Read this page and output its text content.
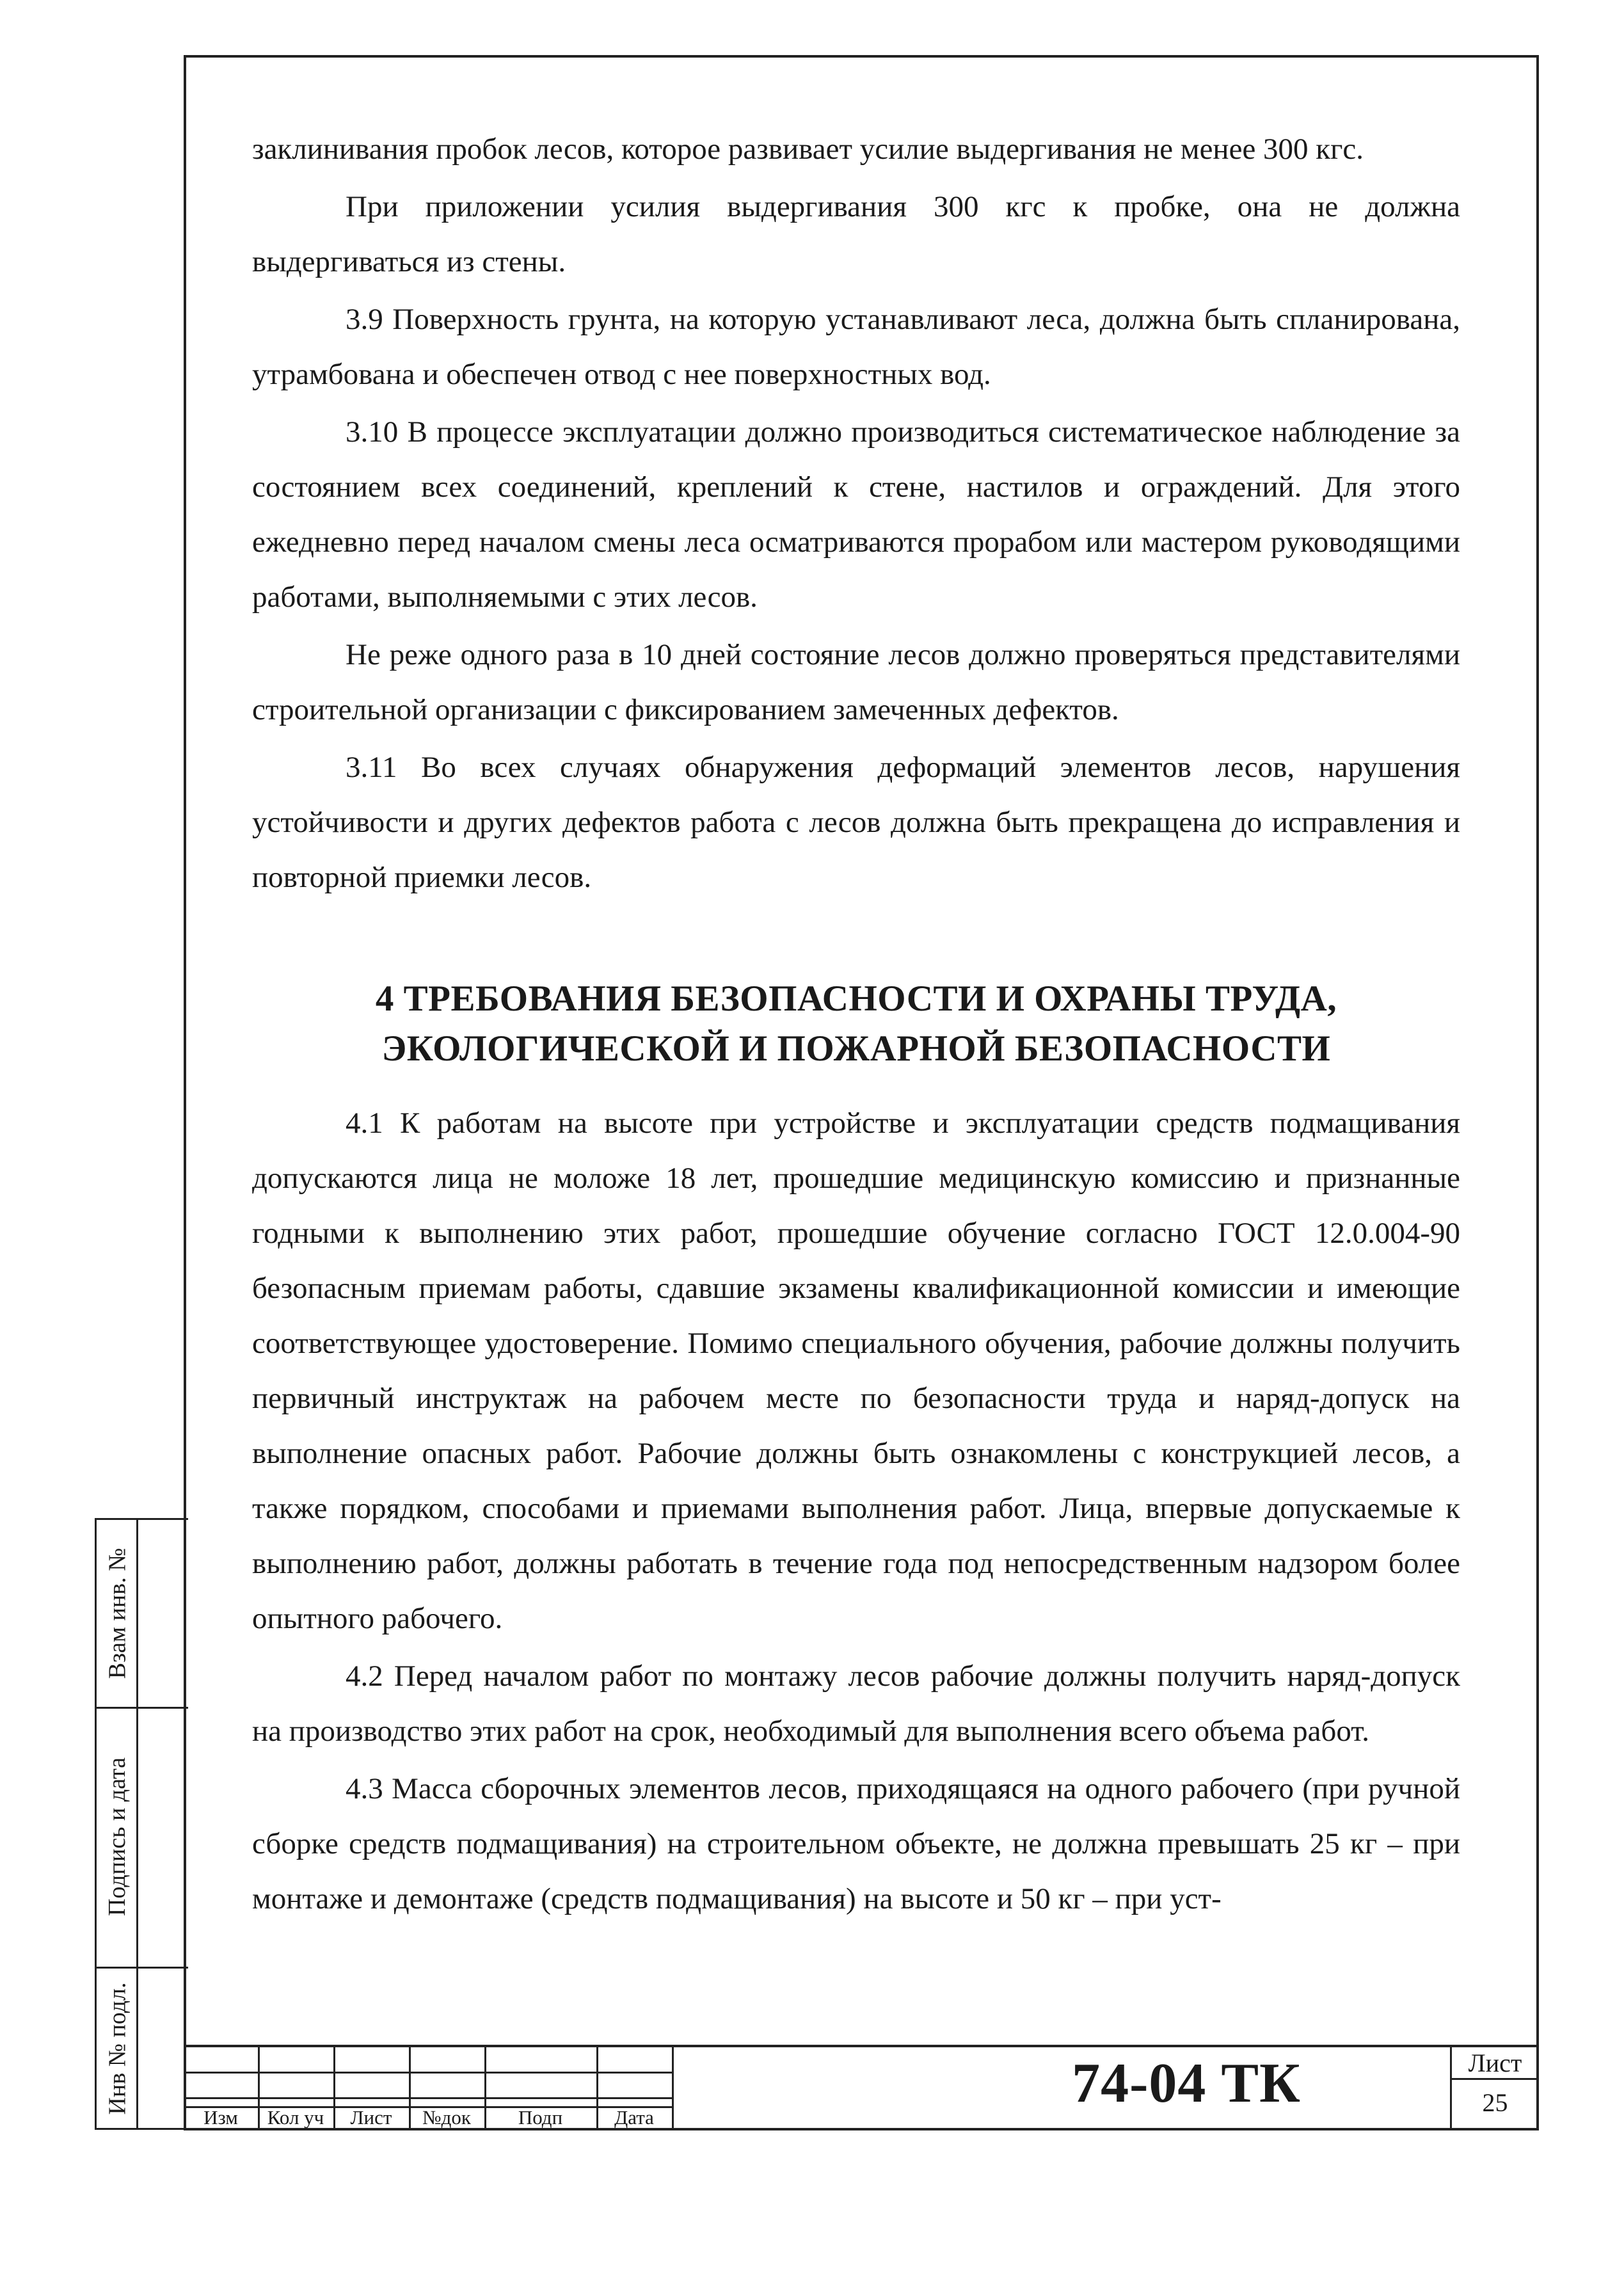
заклинивания пробок лесов, которое развивает усилие выдергивания не менее 300 кгс.

При приложении усилия выдергивания 300 кгс к пробке, она не должна выдергиваться из стены.

3.9 Поверхность грунта, на которую устанавливают леса, должна быть спланирована, утрамбована и обеспечен отвод с нее поверхностных вод.

3.10 В процессе эксплуатации должно производиться систематическое наблюдение за состоянием всех соединений, креплений к стене, настилов и ограждений. Для этого ежедневно перед началом смены леса осматриваются прорабом или мастером руководящими работами, выполняемыми с этих лесов.

Не реже одного раза в 10 дней состояние лесов должно проверяться представителями строительной организации с фиксированием замеченных дефектов.

3.11 Во всех случаях обнаружения деформаций элементов лесов, нарушения устойчивости и других дефектов работа с лесов должна быть прекращена до исправления и повторной приемки лесов.

4 ТРЕБОВАНИЯ БЕЗОПАСНОСТИ И ОХРАНЫ ТРУДА,
ЭКОЛОГИЧЕСКОЙ И ПОЖАРНОЙ БЕЗОПАСНОСТИ

4.1 К работам на высоте при устройстве и эксплуатации средств подмащивания допускаются лица не моложе 18 лет, прошедшие медицинскую комиссию и признанные годными к выполнению этих работ, прошедшие обучение согласно ГОСТ 12.0.004-90 безопасным приемам работы, сдавшие экзамены квалификационной комиссии и имеющие соответствующее удостоверение. Помимо специального обучения, рабочие должны получить первичный инструктаж на рабочем месте по безопасности труда и наряд-допуск на выполнение опасных работ. Рабочие должны быть ознакомлены с конструкцией лесов, а также порядком, способами и приемами выполнения работ. Лица, впервые допускаемые к выполнению работ, должны работать в течение года под непосредственным надзором более опытного рабочего.

4.2 Перед началом работ по монтажу лесов рабочие должны получить наряд-допуск на производство этих работ на срок, необходимый для выполнения всего объема работ.

4.3 Масса сборочных элементов лесов, приходящаяся на одного рабочего (при ручной сборке средств подмащивания) на строительном объекте, не должна превышать 25 кг – при монтаже и демонтаже (средств подмащивания) на высоте и 50 кг – при уст-

Взам инв. №
Подпись и дата
Инв № подл.
Изм	Кол уч	Лист	№док	Подп	Дата
74-04 ТК	Лист
25
